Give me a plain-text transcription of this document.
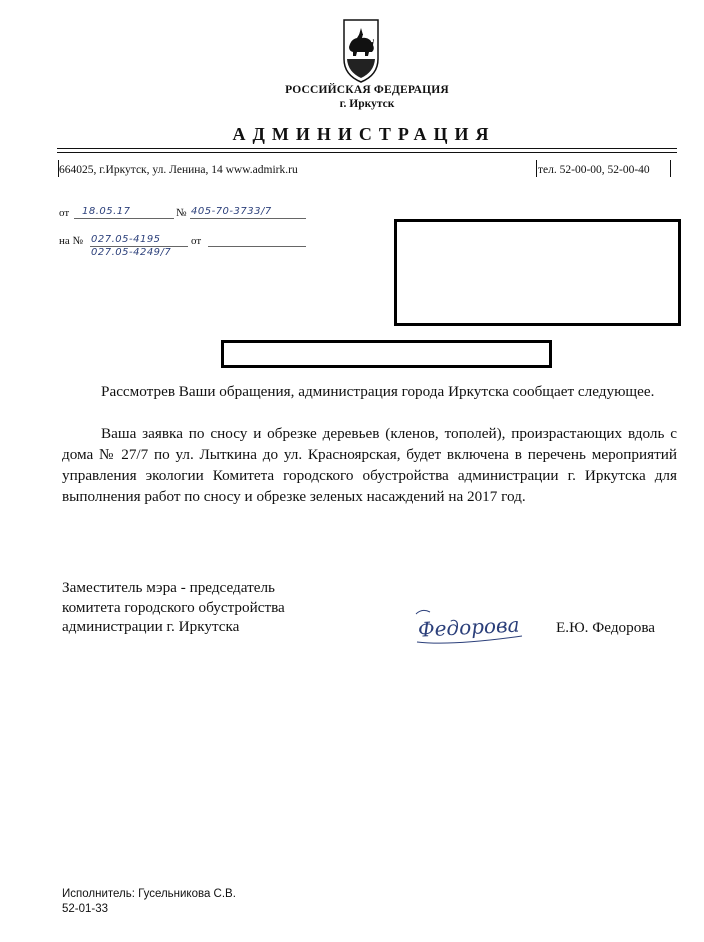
РОССИЙСКАЯ ФЕДЕРАЦИЯ
г. Иркутск
АДМИНИСТРАЦИЯ
664025, г.Иркутск, ул. Ленина, 14 www.admirk.ru	тел. 52-00-00, 52-00-40
от 18.05.17	№ 405-70-3733/7
на № 027.05-4195
027.05-4249/7
от
Рассмотрев Ваши обращения, администрация города Иркутска сообщает следующее.
Ваша заявка по сносу и обрезке деревьев (кленов, тополей), произрастающих вдоль с дома № 27/7 по ул. Лыткина до ул. Красноярская, будет включена в перечень мероприятий управления экологии Комитета городского обустройства администрации г. Иркутска для выполнения работ по сносу и обрезке зеленых насаждений на 2017 год.
Заместитель мэра - председатель
комитета городского обустройства
администрации г. Иркутска	Федорова Е.Ю. Федорова
Исполнитель: Гусельникова С.В.
52-01-33
